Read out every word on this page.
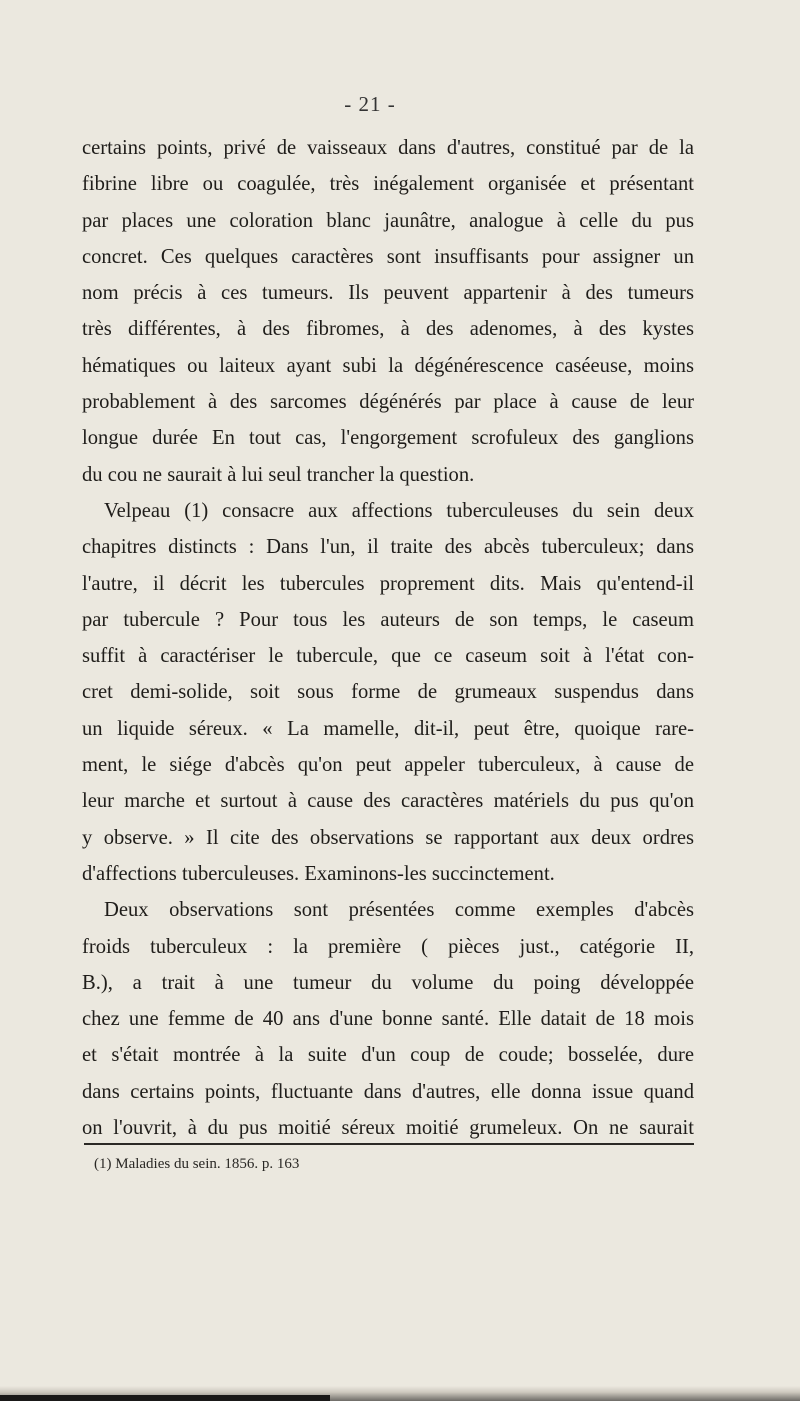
- 21 -
certains points, privé de vaisseaux dans d'autres, constitué par de la
fibrine libre ou coagulée, très inégalement organisée et présentant
par places une coloration blanc jaunâtre, analogue à celle du pus
concret. Ces quelques caractères sont insuffisants pour assigner un
nom précis à ces tumeurs. Ils peuvent appartenir à des tumeurs
très différentes, à des fibromes, à des adenomes, à des kystes
hématiques ou laiteux ayant subi la dégénérescence caséeuse, moins
probablement à des sarcomes dégénérés par place à cause de leur
longue durée En tout cas, l'engorgement scrofuleux des ganglions
du cou ne saurait à lui seul trancher la question.
Velpeau (1) consacre aux affections tuberculeuses du sein deux
chapitres distincts : Dans l'un, il traite des abcès tuberculeux; dans
l'autre, il décrit les tubercules proprement dits. Mais qu'entend-il
par tubercule ? Pour tous les auteurs de son temps, le caseum
suffit à caractériser le tubercule, que ce caseum soit à l'état con-
cret demi-solide, soit sous forme de grumeaux suspendus dans
un liquide séreux. « La mamelle, dit-il, peut être, quoique rare-
ment, le siége d'abcès qu'on peut appeler tuberculeux, à cause de
leur marche et surtout à cause des caractères matériels du pus qu'on
y observe. » Il cite des observations se rapportant aux deux ordres
d'affections tuberculeuses. Examinons-les succinctement.
Deux observations sont présentées comme exemples d'abcès
froids tuberculeux : la première ( pièces just., catégorie II,
B.), a trait à une tumeur du volume du poing développée
chez une femme de 40 ans d'une bonne santé. Elle datait de 18 mois
et s'était montrée à la suite d'un coup de coude; bosselée, dure
dans certains points, fluctuante dans d'autres, elle donna issue quand
on l'ouvrit, à du pus moitié séreux moitié grumeleux. On ne saurait
(1) Maladies du sein. 1856. p. 163
